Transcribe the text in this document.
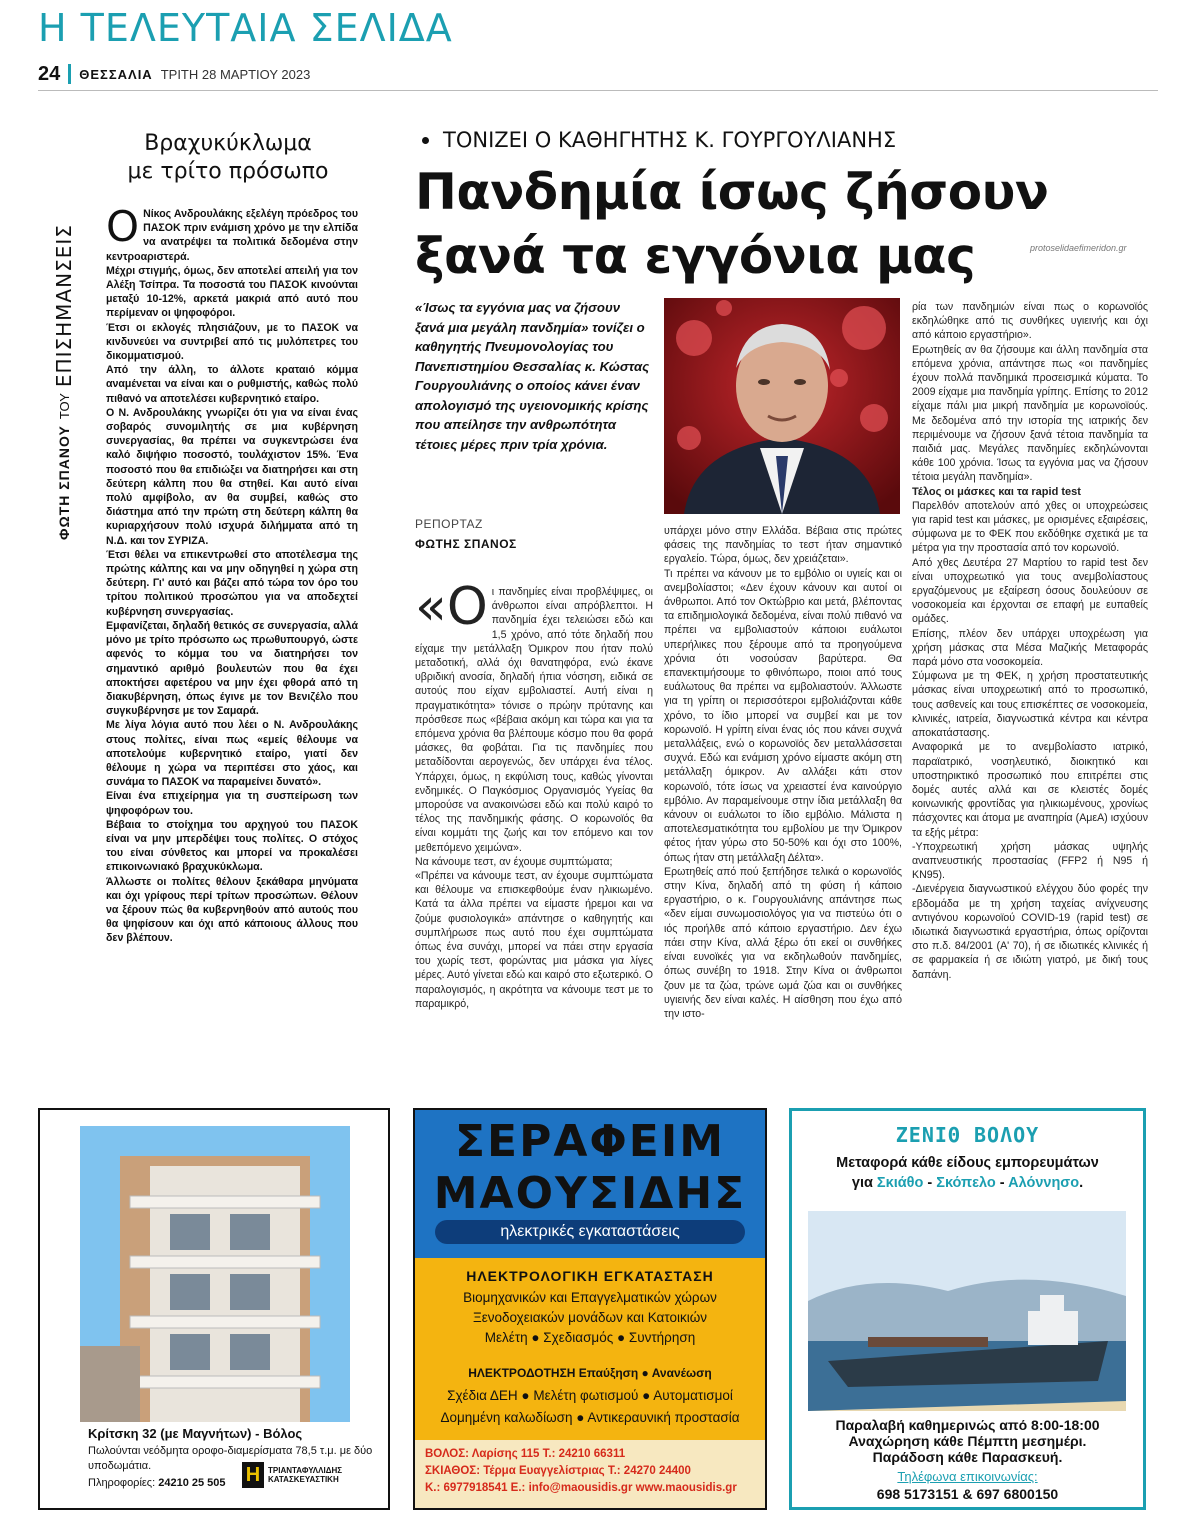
Η ΤΕΛΕΥΤΑΙΑ ΣΕΛΙΔΑ
24 ΘΕΣΣΑΛΙΑ ΤΡΙΤΗ 28 ΜΑΡΤΙΟΥ 2023
ΦΩΤΗ ΣΠΑΝΟΥ
ΤΟΥ
ΕΠΙΣΗΜΑΝΣΕΙΣ
Βραχυκύκλωμα
με τρίτο πρόσωπο
Ο Νίκος Ανδρουλάκης εξελέγη πρόεδρος του ΠΑΣΟΚ πριν ενάμιση χρόνο με την ελπίδα να ανατρέψει τα πολιτικά δεδομένα στην κεντροαριστερά.

Μέχρι στιγμής, όμως, δεν αποτελεί απειλή για τον Αλέξη Τσίπρα. Τα ποσοστά του ΠΑΣΟΚ κινούνται μεταξύ 10-12%, αρκετά μακριά από αυτό που περίμεναν οι ψηφοφόροι.

Έτσι οι εκλογές πλησιάζουν, με το ΠΑΣΟΚ να κινδυνεύει να συντριβεί από τις μυλόπετρες του δικομματισμού.

Από την άλλη, το άλλοτε κραταιό κόμμα αναμένεται να είναι και ο ρυθμιστής, καθώς πολύ πιθανό να αποτελέσει κυβερνητικό εταίρο.

Ο Ν. Ανδρουλάκης γνωρίζει ότι για να είναι ένας σοβαρός συνομιλητής σε μια κυβέρνηση συνεργασίας, θα πρέπει να συγκεντρώσει ένα καλό διψήφιο ποσοστό, τουλάχιστον 15%. Ένα ποσοστό που θα επιδιώξει να διατηρήσει και στη δεύτερη κάλπη που θα στηθεί. Και αυτό είναι πολύ αμφίβολο, αν θα συμβεί, καθώς στο διάστημα από την πρώτη στη δεύτερη κάλπη θα κυριαρχήσουν πολύ ισχυρά διλήμματα από τη Ν.Δ. και τον ΣΥΡΙΖΑ.

Έτσι θέλει να επικεντρωθεί στο αποτέλεσμα της πρώτης κάλπης και να μην οδηγηθεί η χώρα στη δεύτερη. Γι' αυτό και βάζει από τώρα τον όρο του τρίτου πολιτικού προσώπου για να αποδεχτεί κυβέρνηση συνεργασίας.

Εμφανίζεται, δηλαδή θετικός σε συνεργασία, αλλά μόνο με τρίτο πρόσωπο ως πρωθυπουργό, ώστε αφενός το κόμμα του να διατηρήσει τον σημαντικό αριθμό βουλευτών που θα έχει αποκτήσει αφετέρου να μην έχει φθορά από τη διακυβέρνηση, όπως έγινε με τον Βενιζέλο που συγκυβέρνησε με τον Σαμαρά.

Με λίγα λόγια αυτό που λέει ο Ν. Ανδρουλάκης στους πολίτες, είναι πως «εμείς θέλουμε να αποτελούμε κυβερνητικό εταίρο, γιατί δεν θέλουμε η χώρα να περιπέσει στο χάος, και συνάμα το ΠΑΣΟΚ να παραμείνει δυνατό».

Είναι ένα επιχείρημα για τη συσπείρωση των ψηφοφόρων του.

Βέβαια το στοίχημα του αρχηγού του ΠΑΣΟΚ είναι να μην μπερδέψει τους πολίτες. Ο στόχος του είναι σύνθετος και μπορεί να προκαλέσει επικοινωνιακό βραχυκύκλωμα.

Άλλωστε οι πολίτες θέλουν ξεκάθαρα μηνύματα και όχι γρίφους περί τρίτων προσώπων. Θέλουν να ξέρουν πώς θα κυβερνηθούν από αυτούς που θα ψηφίσουν και όχι από κάποιους άλλους που δεν βλέπουν.

ΤΟΝΙΖΕΙ Ο ΚΑΘΗΓΗΤΗΣ Κ. ΓΟΥΡΓΟΥΛΙΑΝΗΣ
Πανδημία ίσως ζήσουν
ξανά τα εγγόνια μας	protoselidaefimeridon.gr
«Ίσως τα εγγόνια μας να ζήσουν ξανά μια μεγάλη πανδημία» τονίζει ο καθηγητής Πνευμονολογίας του Πανεπιστημίου Θεσσαλίας κ. Κώστας Γουργουλιάνης ο οποίος κάνει έναν απολογισμό της υγειονομικής κρίσης που απείλησε την ανθρωπότητα τέτοιες μέρες πριν τρία χρόνια.
ΡΕΠΟΡΤΑΖ
ΦΩΤΗΣ ΣΠΑΝΟΣ
«Ο ι πανδημίες είναι προβλέψιμες, οι άνθρωποι είναι απρόβλεπτοι. Η πανδημία έχει τελειώσει εδώ και 1,5 χρόνο, από τότε δηλαδή που είχαμε την μετάλλαξη Όμικρον που ήταν πολύ μεταδοτική, αλλά όχι θανατηφόρα, ενώ έκανε υβριδική ανοσία, δηλαδή ήπια νόσηση, ειδικά σε αυτούς που είχαν εμβολιαστεί. Αυτή είναι η πραγματικότητα» τόνισε ο πρώην πρύτανης και πρόσθεσε πως «βέβαια ακόμη και τώρα και για τα επόμενα χρόνια θα βλέπουμε κόσμο που θα φορά μάσκες, θα φοβάται. Για τις πανδημίες που μεταδίδονται αερογενώς, δεν υπάρχει ένα τέλος. Υπάρχει, όμως, η εκφύλιση τους, καθώς γίνονται ενδημικές. Ο Παγκόσμιος Οργανισμός Υγείας θα μπορούσε να ανακοινώσει εδώ και πολύ καιρό το τέλος της πανδημικής φάσης. Ο κορωνοϊός θα είναι κομμάτι της ζωής και τον επόμενο και τον μεθεπόμενο χειμώνα».

Να κάνουμε τεστ, αν έχουμε συμπτώματα;

«Πρέπει να κάνουμε τεστ, αν έχουμε συμπτώματα και θέλουμε να επισκεφθούμε έναν ηλικιωμένο. Κατά τα άλλα πρέπει να είμαστε ήρεμοι και να ζούμε φυσιολογικά» απάντησε ο καθηγητής και συμπλήρωσε πως αυτό που έχει συμπτώματα όπως ένα συνάχι, μπορεί να πάει στην εργασία του χωρίς τεστ, φορώντας μια μάσκα για λίγες μέρες. Αυτό γίνεται εδώ και καιρό στο εξωτερικό. Ο παραλογισμός, η ακρότητα να κάνουμε τεστ με το παραμικρό,

υπάρχει μόνο στην Ελλάδα. Βέβαια στις πρώτες φάσεις της πανδημίας το τεστ ήταν σημαντικό εργαλείο. Τώρα, όμως, δεν χρειάζεται».

Τι πρέπει να κάνουν με το εμβόλιο οι υγιείς και οι ανεμβολίαστοι; «Δεν έχουν κάνουν και αυτοί οι άνθρωποι. Από τον Οκτώβριο και μετά, βλέποντας τα επιδημιολογικά δεδομένα, είναι πολύ πιθανό να πρέπει να εμβολιαστούν κάποιοι ευάλωτοι υπερήλικες που ξέρουμε από τα προηγούμενα χρόνια ότι νοσούσαν βαρύτερα. Θα επανεκτιμήσουμε το φθινόπωρο, ποιοι από τους ευάλωτους θα πρέπει να εμβολιαστούν. Άλλωστε για τη γρίπη οι περισσότεροι εμβολιάζονται κάθε χρόνο, το ίδιο μπορεί να συμβεί και με τον κορωνοϊό. Η γρίπη είναι ένας ιός που κάνει συχνά μεταλλάξεις, ενώ ο κορωνοϊός δεν μεταλλάσσεται συχνά. Εδώ και ενάμιση χρόνο είμαστε ακόμη στη μετάλλαξη όμικρον. Αν αλλάξει κάτι στον κορωνοϊό, τότε ίσως να χρειαστεί ένα καινούργιο εμβόλιο. Αν παραμείνουμε στην ίδια μετάλλαξη θα κάνουν οι ευάλωτοι το ίδιο εμβόλιο. Μάλιστα η αποτελεσματικότητα του εμβολίου με την Όμικρον φέτος ήταν γύρω στο 50-50% και όχι στο 100%, όπως ήταν στη μετάλλαξη Δέλτα».

Ερωτηθείς από πού ξεπήδησε τελικά ο κορωνοϊός στην Κίνα, δηλαδή από τη φύση ή κάποιο εργαστήριο, ο κ. Γουργουλιάνης απάντησε πως «δεν είμαι συνωμοσιολόγος για να πιστεύω ότι ο ιός προήλθε από κάποιο εργαστήριο. Δεν έχω πάει στην Κίνα, αλλά ξέρω ότι εκεί οι συνθήκες είναι ευνοϊκές για να εκδηλωθούν πανδημίες, όπως συνέβη το 1918. Στην Κίνα οι άνθρωποι ζουν με τα ζώα, τρώνε ωμά ζώα και οι συνθήκες υγιεινής δεν είναι καλές. Η αίσθηση που έχω από την ιστο-

ρία των πανδημιών είναι πως ο κορωνοϊός εκδηλώθηκε από τις συνθήκες υγιεινής και όχι από κάποιο εργαστήριο».

Ερωτηθείς αν θα ζήσουμε και άλλη πανδημία στα επόμενα χρόνια, απάντησε πως «οι πανδημίες έχουν πολλά πανδημικά προσεισμικά κύματα. Το 2009 είχαμε μια πανδημία γρίπης. Επίσης το 2012 είχαμε πάλι μια μικρή πανδημία με κορωνοϊούς. Με δεδομένα από την ιστορία της ιατρικής δεν περιμένουμε να ζήσουν ξανά τέτοια πανδημία τα παιδιά μας. Μεγάλες πανδημίες εκδηλώνονται κάθε 100 χρόνια. Ίσως τα εγγόνια μας να ζήσουν τέτοια μεγάλη πανδημία».

Τέλος οι μάσκες και τα rapid test

Παρελθόν αποτελούν από χθες οι υποχρεώσεις για rapid test και μάσκες, με ορισμένες εξαιρέσεις, σύμφωνα με το ΦΕΚ που εκδόθηκε σχετικά με τα μέτρα για την προστασία από τον κορωνοϊό.

Από χθες Δευτέρα 27 Μαρτίου το rapid test δεν είναι υποχρεωτικό για τους ανεμβολίαστους εργαζόμενους με εξαίρεση όσους δουλεύουν σε νοσοκομεία και έρχονται σε επαφή με ευπαθείς ομάδες.

Επίσης, πλέον δεν υπάρχει υποχρέωση για χρήση μάσκας στα Μέσα Μαζικής Μεταφοράς παρά μόνο στα νοσοκομεία.

Σύμφωνα με τη ΦΕΚ, η χρήση προστατευτικής μάσκας είναι υποχρεωτική από το προσωπικό, τους ασθενείς και τους επισκέπτες σε νοσοκομεία, κλινικές, ιατρεία, διαγνωστικά κέντρα και κέντρα αποκατάστασης.

Αναφορικά με το ανεμβολίαστο ιατρικό, παραϊατρικό, νοσηλευτικό, διοικητικό και υποστηρικτικό προσωπικό που επιτρέπει στις δομές αυτές αλλά και σε κλειστές δομές κοινωνικής φροντίδας για ηλικιωμένους, χρονίως πάσχοντες και άτομα με αναπηρία (ΑμεΑ) ισχύουν τα εξής μέτρα:

-Υποχρεωτική χρήση μάσκας υψηλής αναπνευστικής προστασίας (FFP2 ή N95 ή KN95).

-Διενέργεια διαγνωστικού ελέγχου δύο φορές την εβδομάδα με τη χρήση ταχείας ανίχνευσης αντιγόνου κορωνοϊού COVID-19 (rapid test) σε ιδιωτικά διαγνωστικά εργαστήρια, όπως ορίζονται στο π.δ. 84/2001 (Α' 70), ή σε ιδιωτικές κλινικές ή σε φαρμακεία ή σε ιδιώτη γιατρό, με δική τους δαπάνη.

Κρίτσκη 32 (με Μαγνήτων) - Βόλος
Πωλούνται νεόδμητα οροφο-διαμερίσματα 78,5 τ.μ. με δύο υποδωμάτια.
Πληροφορίες: 24210 25 505 Η ΤΡΙΑΝΤΑΦΥΛΛΙΔΗΣ
ΚΑΤΑΣΚΕΥΑΣΤΙΚΗ
ΣΕΡΑΦΕΙΜ
ΜΑΟΥΣΙΔΗΣ
ηλεκτρικές εγκαταστάσεις
ΗΛΕΚΤΡΟΛΟΓΙΚΗ ΕΓΚΑΤΑΣΤΑΣΗ
Βιομηχανικών και Επαγγελματικών χώρων
Ξενοδοχειακών μονάδων και Κατοικιών
Μελέτη ● Σχεδιασμός ● Συντήρηση
ΗΛΕΚΤΡΟΔΟΤΗΣΗ Επαύξηση ● Ανανέωση
Σχέδια ΔΕΗ ● Μελέτη φωτισμού ● Αυτοματισμοί
Δομημένη καλωδίωση ● Αντικεραυνική προστασία
ΒΟΛΟΣ: Λαρίσης 115 Τ.: 24210 66311
ΣΚΙΑΘΟΣ: Τέρμα Ευαγγελίστριας Τ.: 24270 24400
Κ.: 6977918541 Ε.: info@maousidis.gr www.maousidis.gr
ΖΕΝΙΘ ΒΟΛΟΥ
Μεταφορά κάθε είδους εμπορευμάτων
για Σκιάθο - Σκόπελο - Αλόννησο.
Παραλαβή καθημερινώς από 8:00-18:00
Τηλέφωνα επικοινωνίας:
698 5173151 & 697 6800150
Αναχώρηση κάθε Πέμπτη μεσημέρι.
Παράδοση κάθε Παρασκευή.
